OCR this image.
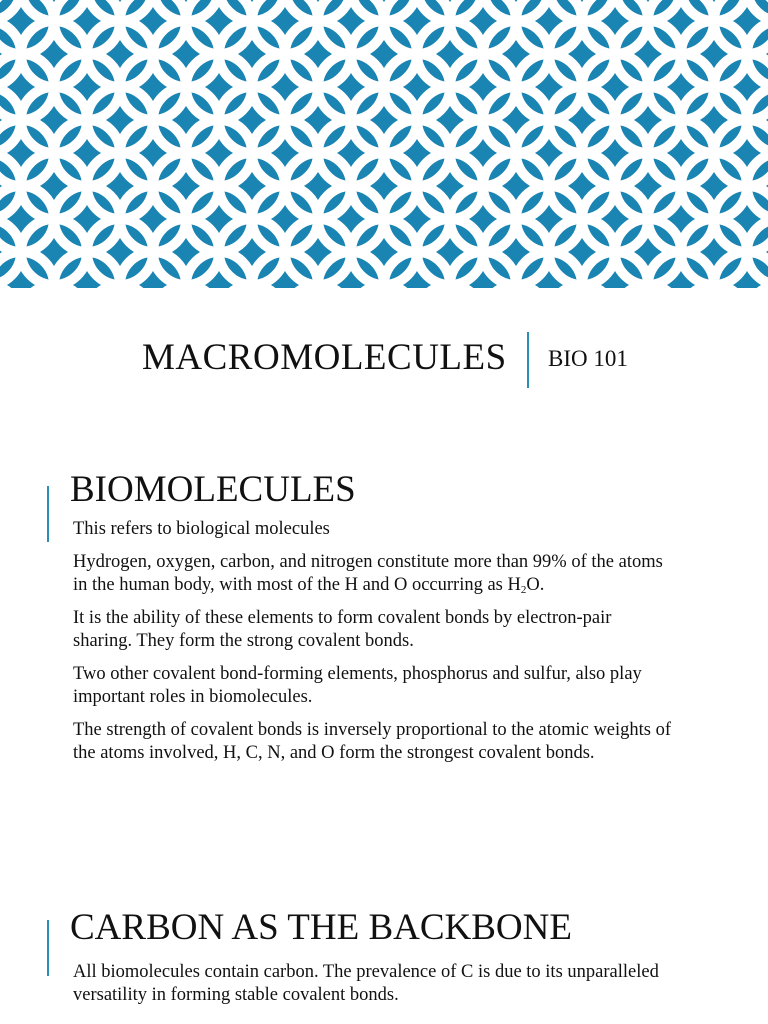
MACROMOLECULES BIO 101
BIOMOLECULES

This refers to biological molecules

Hydrogen, oxygen, carbon, and nitrogen constitute more than 99% of the atoms in the human body, with most of the H and O occurring as $H_2O$.

It is the ability of these elements to form covalent bonds by electron-pair sharing. They form the strong covalent bonds.

Two other covalent bond-forming elements, phosphorus and sulfur, also play important roles in biomolecules.

The strength of covalent bonds is inversely proportional to the atomic weights of the atoms involved, H, C, N, and O form the strongest covalent bonds.

CARBON AS THE BACKBONE

All biomolecules contain carbon. The prevalence of C is due to its unparalleled versatility in forming stable covalent bonds.
